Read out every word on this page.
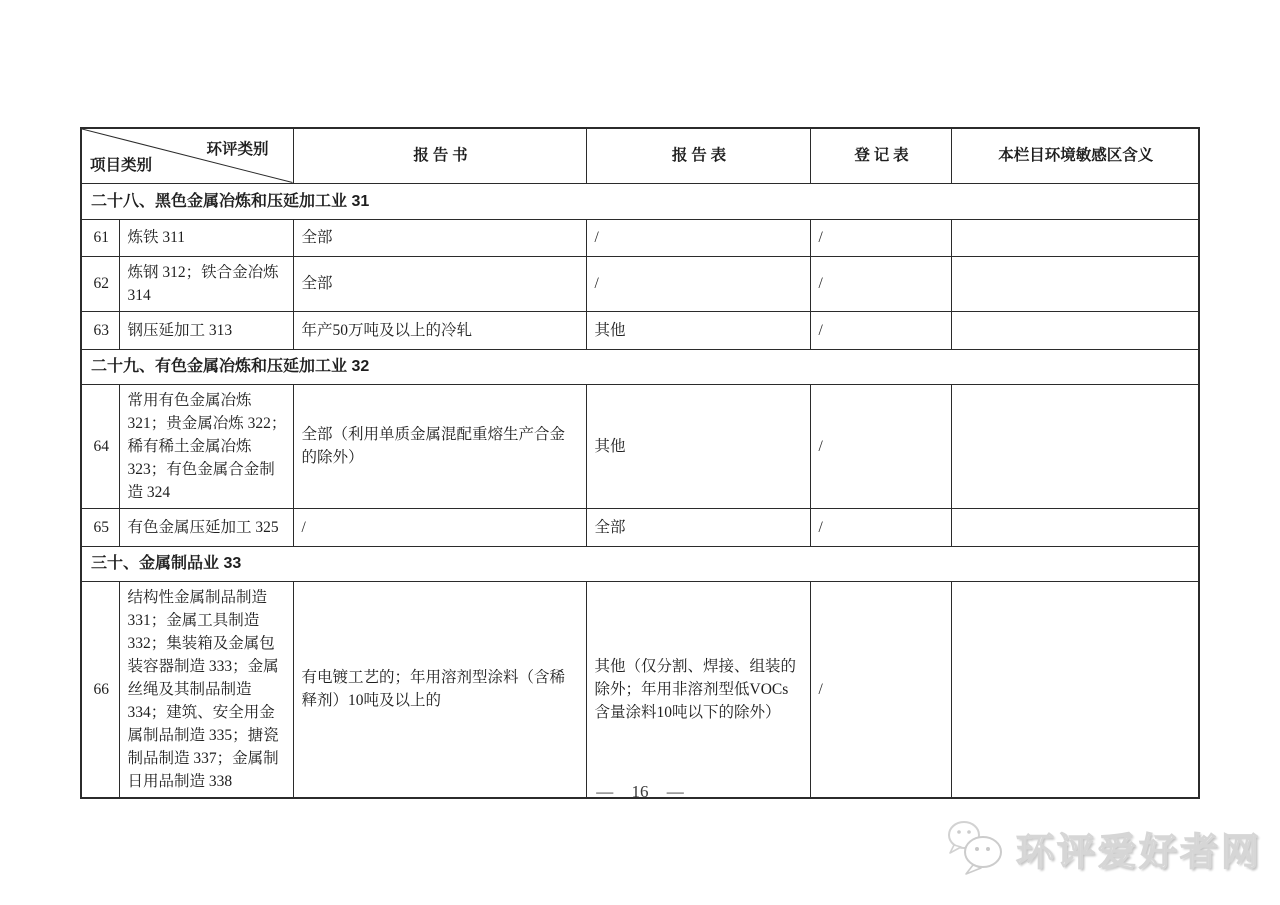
环评类别
项目类别		报 告 书	报 告 表	登 记 表	本栏目环境敏感区含义
二十八、黑色金属冶炼和压延加工业 31					
61	炼铁 311	全部	/	/	
62	炼钢 312；铁合金冶炼 314	全部	/	/	
63	钢压延加工 313	年产50万吨及以上的冷轧	其他	/	
二十九、有色金属冶炼和压延加工业 32					
64	常用有色金属冶炼 321；贵金属冶炼 322；稀有稀土金属冶炼 323；有色金属合金制造 324	全部（利用单质金属混配重熔生产合金的除外）	其他	/	
65	有色金属压延加工 325	/	全部	/	
三十、金属制品业 33					
66	结构性金属制品制造 331；金属工具制造 332；集装箱及金属包装容器制造 333；金属丝绳及其制品制造 334；建筑、安全用金属制品制造 335；搪瓷制品制造 337；金属制日用品制造 338	有电镀工艺的；年用溶剂型涂料（含稀释剂）10吨及以上的	其他（仅分割、焊接、组装的除外；年用非溶剂型低VOCs含量涂料10吨以下的除外）	/	
— 16 —
环评爱好者网
